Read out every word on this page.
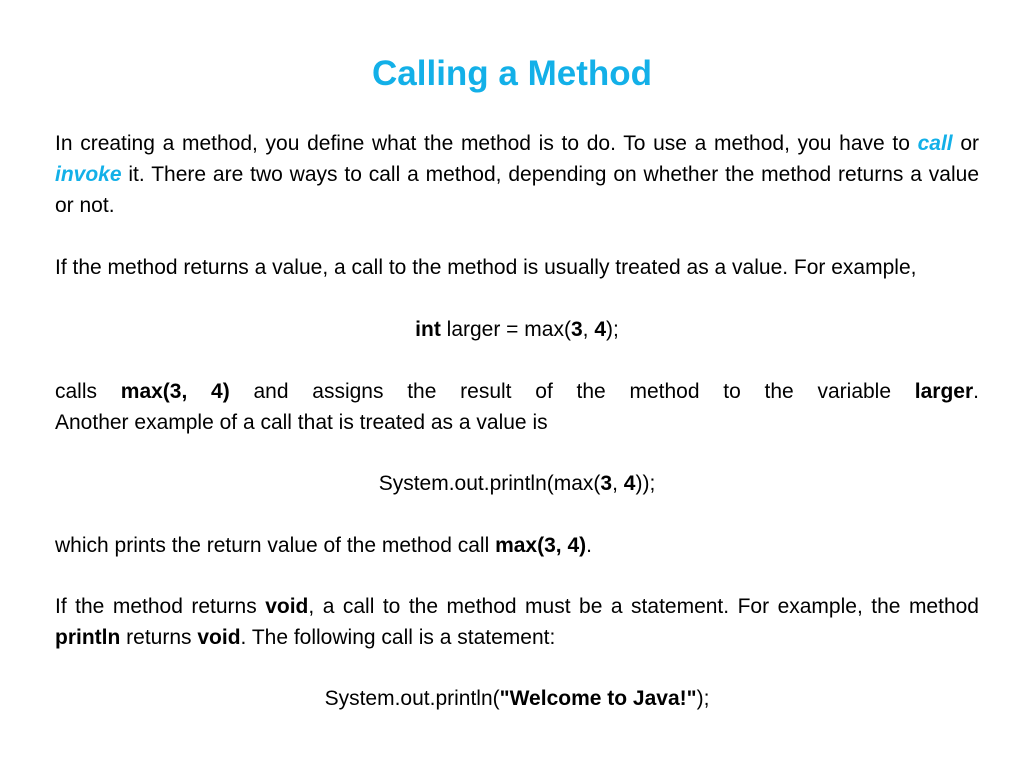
Calling a Method

In creating a method, you define what the method is to do. To use a method, you have to call or invoke it. There are two ways to call a method, depending on whether the method returns a value or not.

If the method returns a value, a call to the method is usually treated as a value. For example,

int larger = max(3, 4);

calls max(3, 4) and assigns the result of the method to the variable larger.

Another example of a call that is treated as a value is

System.out.println(max(3, 4));

which prints the return value of the method call max(3, 4).

If the method returns void, a call to the method must be a statement. For example, the method println returns void. The following call is a statement:

System.out.println("Welcome to Java!");
